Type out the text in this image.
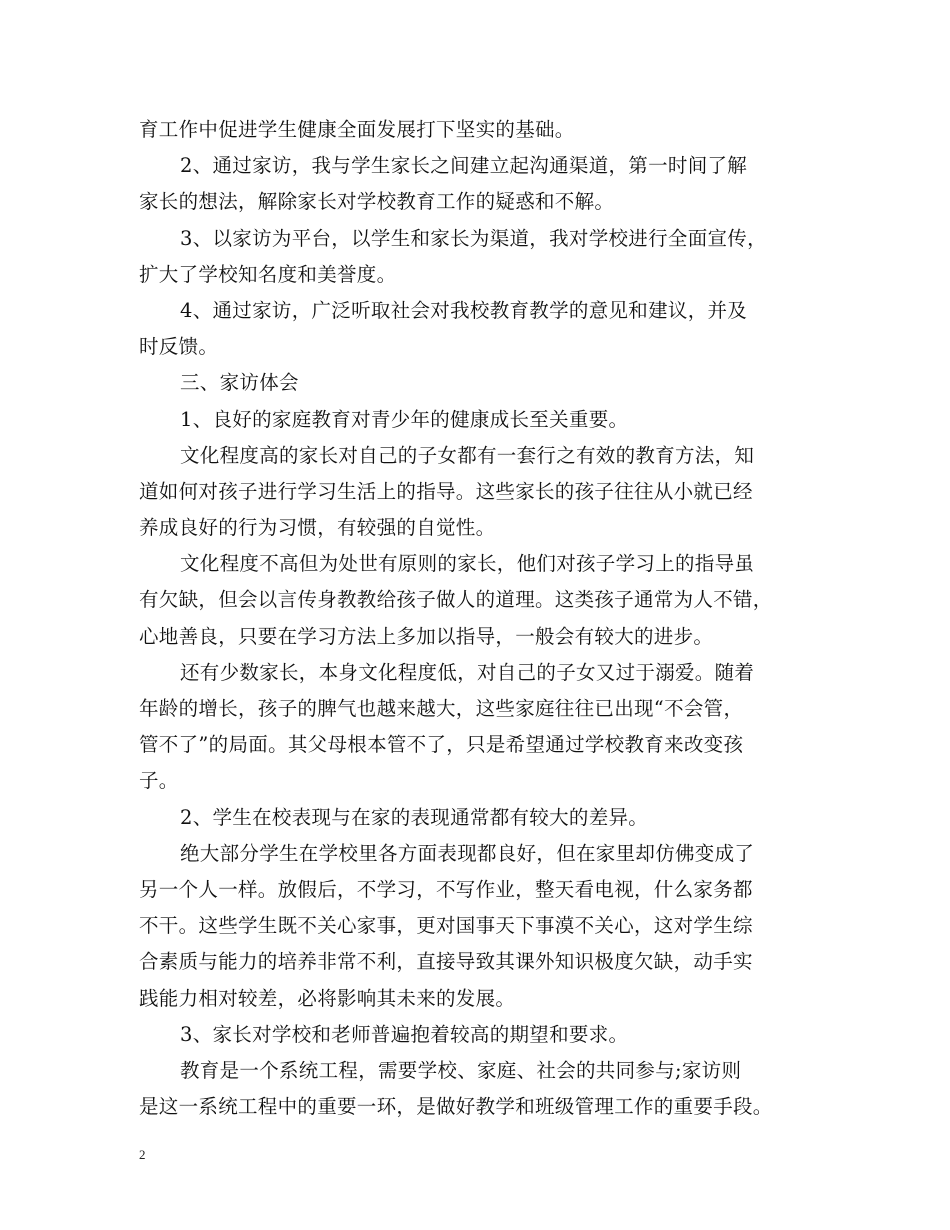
育工作中促进学生健康全面发展打下坚实的基础。
2、通过家访，我与学生家长之间建立起沟通渠道，第一时间了解
家长的想法，解除家长对学校教育工作的疑惑和不解。
3、以家访为平台，以学生和家长为渠道，我对学校进行全面宣传，
扩大了学校知名度和美誉度。
4、通过家访，广泛听取社会对我校教育教学的意见和建议，并及
时反馈。
三、家访体会
1、良好的家庭教育对青少年的健康成长至关重要。
文化程度高的家长对自己的子女都有一套行之有效的教育方法，知
道如何对孩子进行学习生活上的指导。这些家长的孩子往往从小就已经
养成良好的行为习惯，有较强的自觉性。
文化程度不高但为处世有原则的家长，他们对孩子学习上的指导虽
有欠缺，但会以言传身教教给孩子做人的道理。这类孩子通常为人不错，
心地善良，只要在学习方法上多加以指导，一般会有较大的进步。
还有少数家长，本身文化程度低，对自己的子女又过于溺爱。随着
年龄的增长，孩子的脾气也越来越大，这些家庭往往已出现“不会管，
管不了”的局面。其父母根本管不了，只是希望通过学校教育来改变孩
子。
2、学生在校表现与在家的表现通常都有较大的差异。
绝大部分学生在学校里各方面表现都良好，但在家里却仿佛变成了
另一个人一样。放假后，不学习，不写作业，整天看电视，什么家务都
不干。这些学生既不关心家事，更对国事天下事漠不关心，这对学生综
合素质与能力的培养非常不利，直接导致其课外知识极度欠缺，动手实
践能力相对较差，必将影响其未来的发展。
3、家长对学校和老师普遍抱着较高的期望和要求。
教育是一个系统工程，需要学校、家庭、社会的共同参与;家访则
是这一系统工程中的重要一环，是做好教学和班级管理工作的重要手段。
2
